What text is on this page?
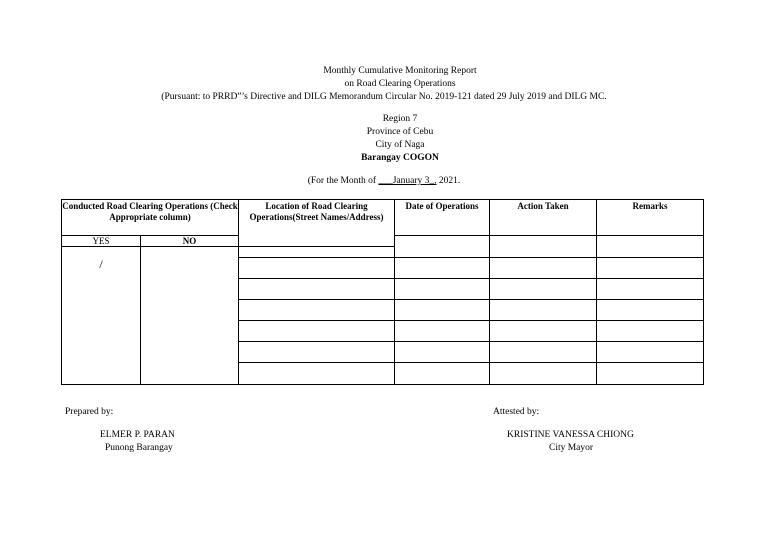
Monthly Cumulative Monitoring Report
on Road Clearing Operations
(Pursuant: to PRRD”’s Directive and DILG Memorandum Circular No. 2019-121 dated 29 July 2019 and DILG MC.
Region 7
Province of Cebu
City of Naga
Barangay COGON
(For the Month of ___January 3_, 2021.
Conducted Road Clearing Operations (Check Appropriate column)		Location of Road Clearing Operations(Street Names/Address)	Date of Operations	Action Taken	Remarks
YES	NO				
/					

Prepared by:
ELMER P. PARAN
Punong Barangay
Attested by:
KRISTINE VANESSA CHIONG
City Mayor
